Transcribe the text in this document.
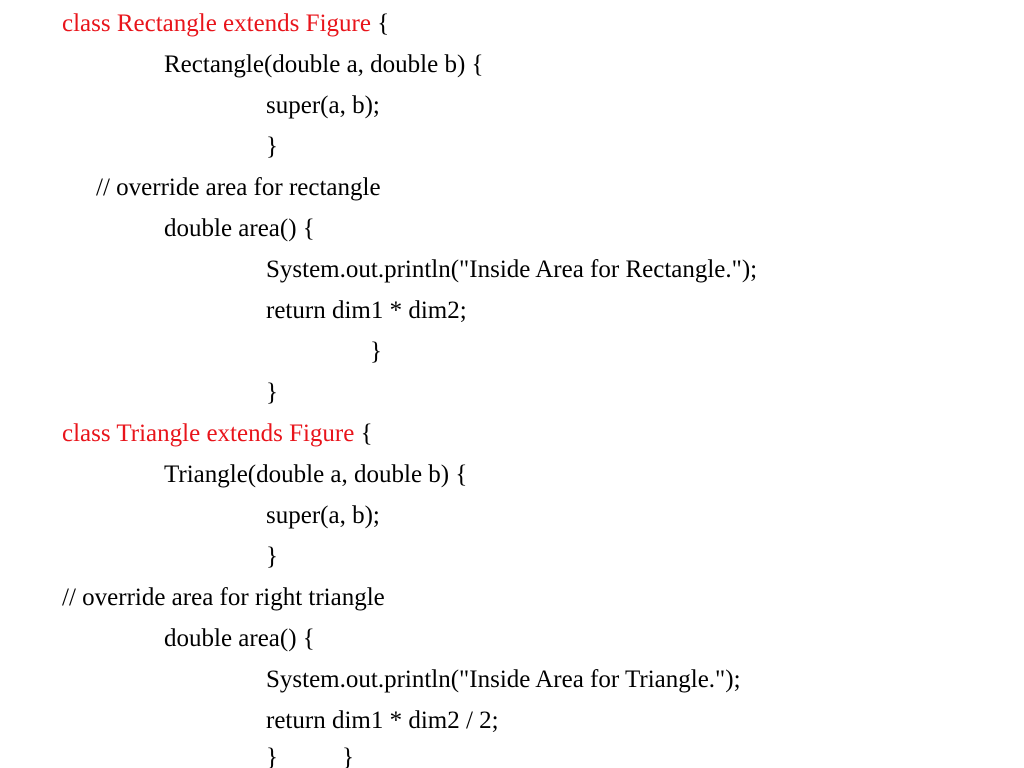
class Rectangle extends Figure {
Rectangle(double a, double b) {
super(a, b);
}
// override area for rectangle
double area() {
System.out.println("Inside Area for Rectangle.");
return dim1 * dim2;
}
}
class Triangle extends Figure {
Triangle(double a, double b) {
super(a, b);
}
// override area for right triangle
double area() {
System.out.println("Inside Area for Triangle.");
return dim1 * dim2 / 2;
}	}
